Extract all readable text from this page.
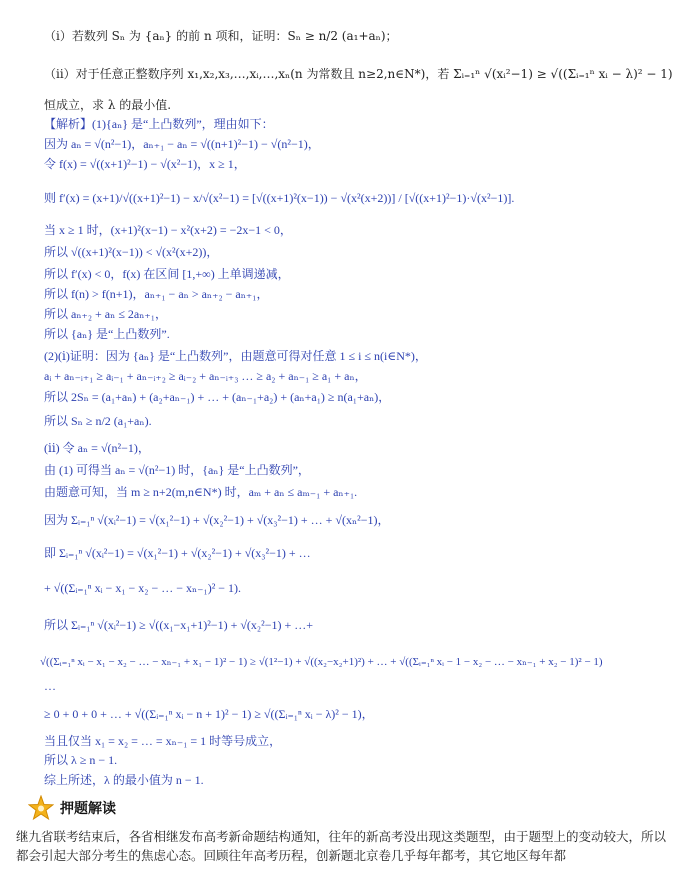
（ⅰ）若数列 Sₙ 为 {aₙ} 的前 n 项和，证明：Sₙ ≥ n/2 (a₁+aₙ)；
（ⅱ）对于任意正整数序列 x₁,x₂,x₃,…,xᵢ,…,xₙ(n 为常数且 n≥2,n∈N*)，若 Σᵢ₌₁ⁿ √(xᵢ²−1) ≥ √((Σᵢ₌₁ⁿ xᵢ − λ)² − 1)
恒成立，求 λ 的最小值.
【解析】(1){aₙ} 是“上凸数列”，理由如下：
因为 aₙ = √(n²−1)，aₙ₊₁ − aₙ = √((n+1)²−1) − √(n²−1)，
令 f(x) = √((x+1)²−1) − √(x²−1)，x ≥ 1，
则 f′(x) = (x+1)/√((x+1)²−1) − x/√(x²−1) = [√((x+1)²(x−1)) − √(x²(x+2))] / [√((x+1)²−1)·√(x²−1)].
当 x ≥ 1 时，(x+1)²(x−1) − x²(x+2) = −2x−1 < 0，
所以 √((x+1)²(x−1)) < √(x²(x+2))，
所以 f′(x) < 0，f(x) 在区间 [1,+∞) 上单调递减，
所以 f(n) > f(n+1)，aₙ₊₁ − aₙ > aₙ₊₂ − aₙ₊₁，
所以 aₙ₊₂ + aₙ ≤ 2aₙ₊₁，
所以 {aₙ} 是“上凸数列”.
(2)(ⅰ)证明：因为 {aₙ} 是“上凸数列”，由题意可得对任意 1 ≤ i ≤ n(i∈N*)，
aᵢ + aₙ₋ᵢ₊₁ ≥ aᵢ₋₁ + aₙ₋ᵢ₊₂ ≥ aᵢ₋₂ + aₙ₋ᵢ₊₃ … ≥ a₂ + aₙ₋₁ ≥ a₁ + aₙ，
所以 2Sₙ = (a₁+aₙ) + (a₂+aₙ₋₁) + … + (aₙ₋₁+a₂) + (aₙ+a₁) ≥ n(a₁+aₙ)，
所以 Sₙ ≥ n/2 (a₁+aₙ).
(ⅱ) 令 aₙ = √(n²−1)，
由 (1) 可得当 aₙ = √(n²−1) 时，{aₙ} 是“上凸数列”，
由题意可知，当 m ≥ n+2(m,n∈N*) 时，aₘ + aₙ ≤ aₘ₋₁ + aₙ₊₁.
因为 Σᵢ₌₁ⁿ √(xᵢ²−1) = √(x₁²−1) + √(x₂²−1) + √(x₃²−1) + … + √(xₙ²−1)，
即 Σᵢ₌₁ⁿ √(xᵢ²−1) = √(x₁²−1) + √(x₂²−1) + √(x₃²−1) + …
+ √((Σᵢ₌₁ⁿ xᵢ − x₁ − x₂ − … − xₙ₋₁)² − 1).
所以 Σᵢ₌₁ⁿ √(xᵢ²−1) ≥ √((x₁−x₁+1)²−1) + √(x₂²−1) + …+
√((Σᵢ₌₁ⁿ xᵢ − x₁ − x₂ − … − xₙ₋₁ + x₁ − 1)² − 1) ≥ √(1²−1) + √((x₂−x₂+1)²) + … + √((Σᵢ₌₁ⁿ xᵢ − 1 − x₂ − … − xₙ₋₁ + x₂ − 1)² − 1)
…
≥ 0 + 0 + 0 + … + √((Σᵢ₌₁ⁿ xᵢ − n + 1)² − 1) ≥ √((Σᵢ₌₁ⁿ xᵢ − λ)² − 1)，
当且仅当 x₁ = x₂ = … = xₙ₋₁ = 1 时等号成立，
所以 λ ≥ n − 1.
综上所述，λ 的最小值为 n − 1.
押题解读
继九省联考结束后，各省相继发布高考新命题结构通知，往年的新高考没出现这类题型，由于题型上的变动较大，所以都会引起大部分考生的焦虑心态。回顾往年高考历程，创新题北京卷几乎每年都考，其它地区每年都
